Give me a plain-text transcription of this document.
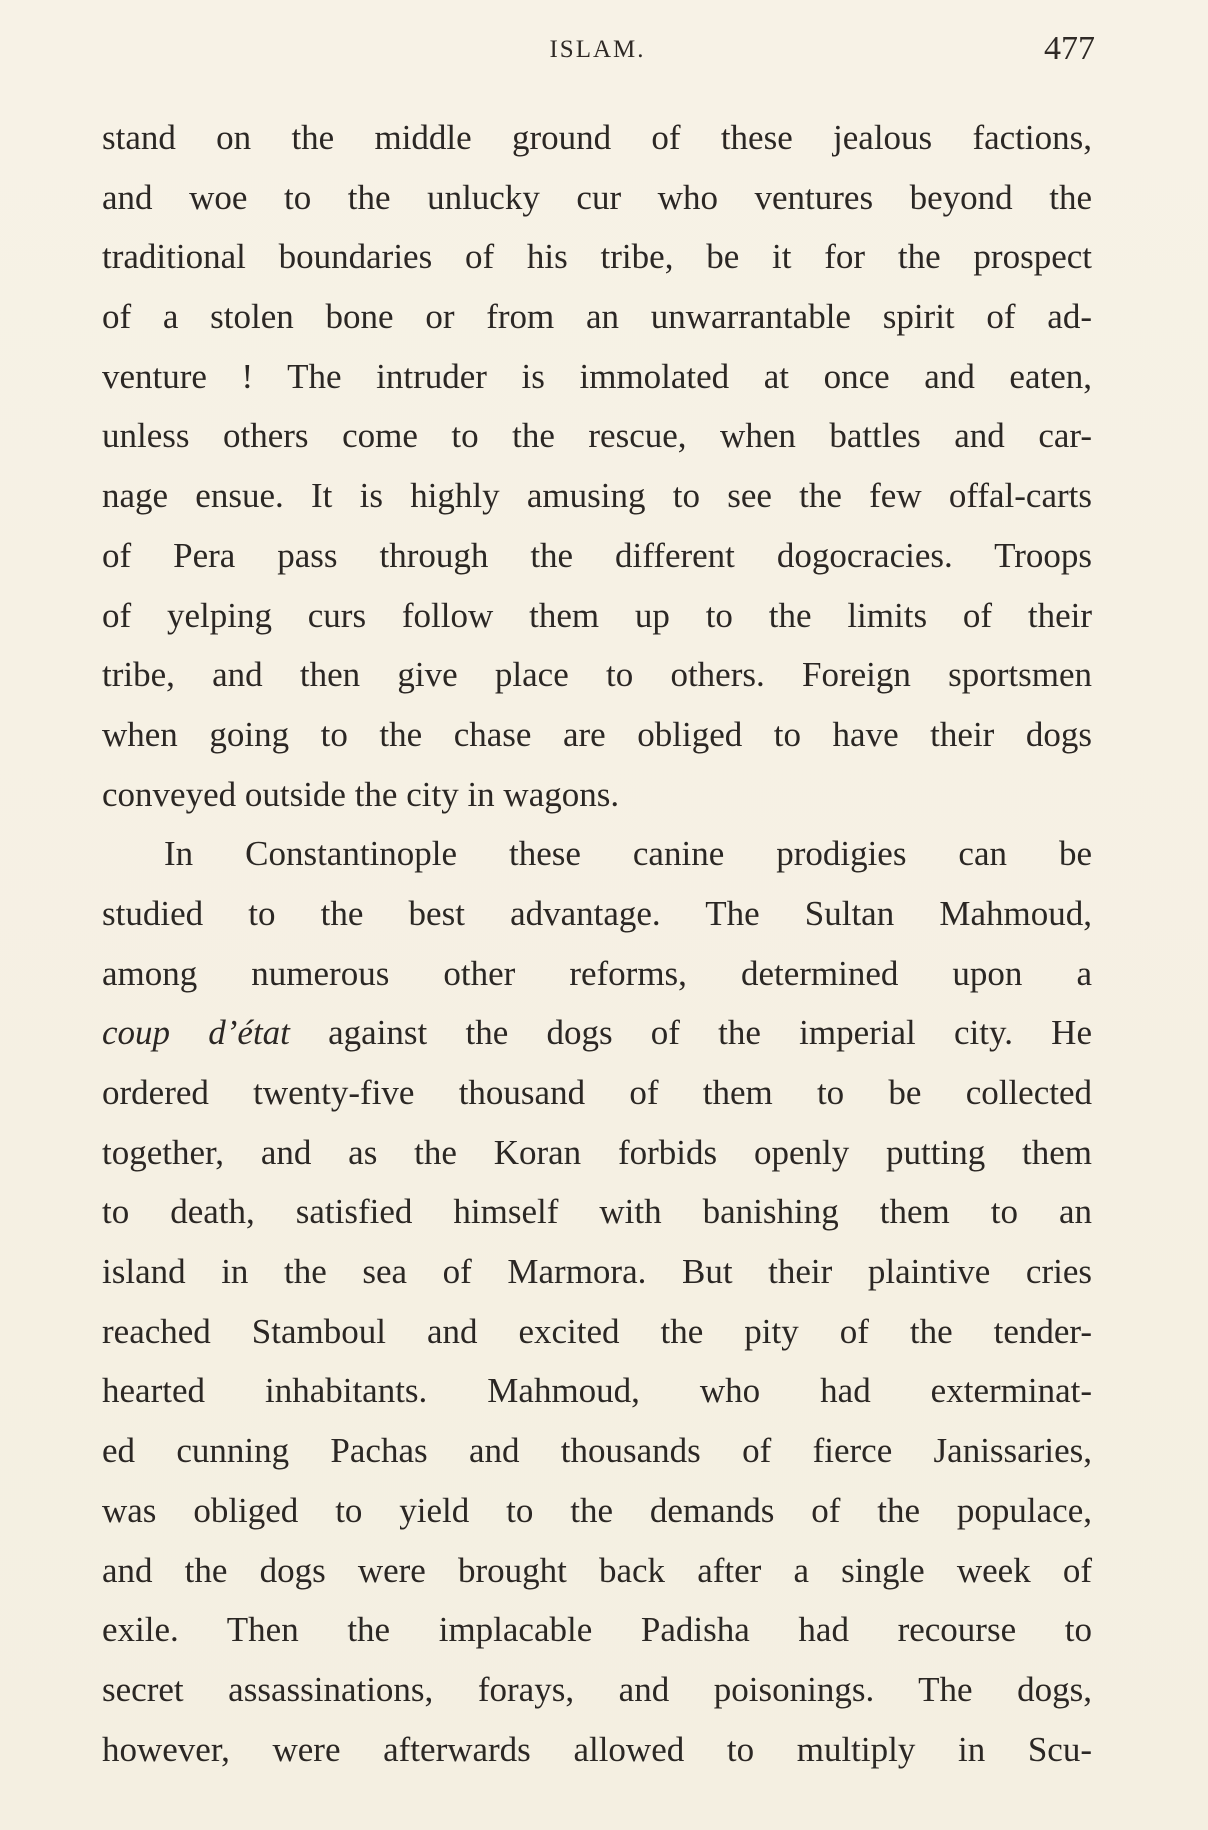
ISLAM.	477
stand on the middle ground of these jealous factions,
and woe to the unlucky cur who ventures beyond the
traditional boundaries of his tribe, be it for the prospect
of a stolen bone or from an unwarrantable spirit of ad-
venture ! The intruder is immolated at once and eaten,
unless others come to the rescue, when battles and car-
nage ensue. It is highly amusing to see the few offal-carts
of Pera pass through the different dogocracies. Troops
of yelping curs follow them up to the limits of their
tribe, and then give place to others. Foreign sportsmen
when going to the chase are obliged to have their dogs
conveyed outside the city in wagons.
In Constantinople these canine prodigies can be
studied to the best advantage. The Sultan Mahmoud,
among numerous other reforms, determined upon a
coup d’état against the dogs of the imperial city. He
ordered twenty-five thousand of them to be collected
together, and as the Koran forbids openly putting them
to death, satisfied himself with banishing them to an
island in the sea of Marmora. But their plaintive cries
reached Stamboul and excited the pity of the tender-
hearted inhabitants. Mahmoud, who had exterminat-
ed cunning Pachas and thousands of fierce Janissaries,
was obliged to yield to the demands of the populace,
and the dogs were brought back after a single week of
exile. Then the implacable Padisha had recourse to
secret assassinations, forays, and poisonings. The dogs,
however, were afterwards allowed to multiply in Scu-
